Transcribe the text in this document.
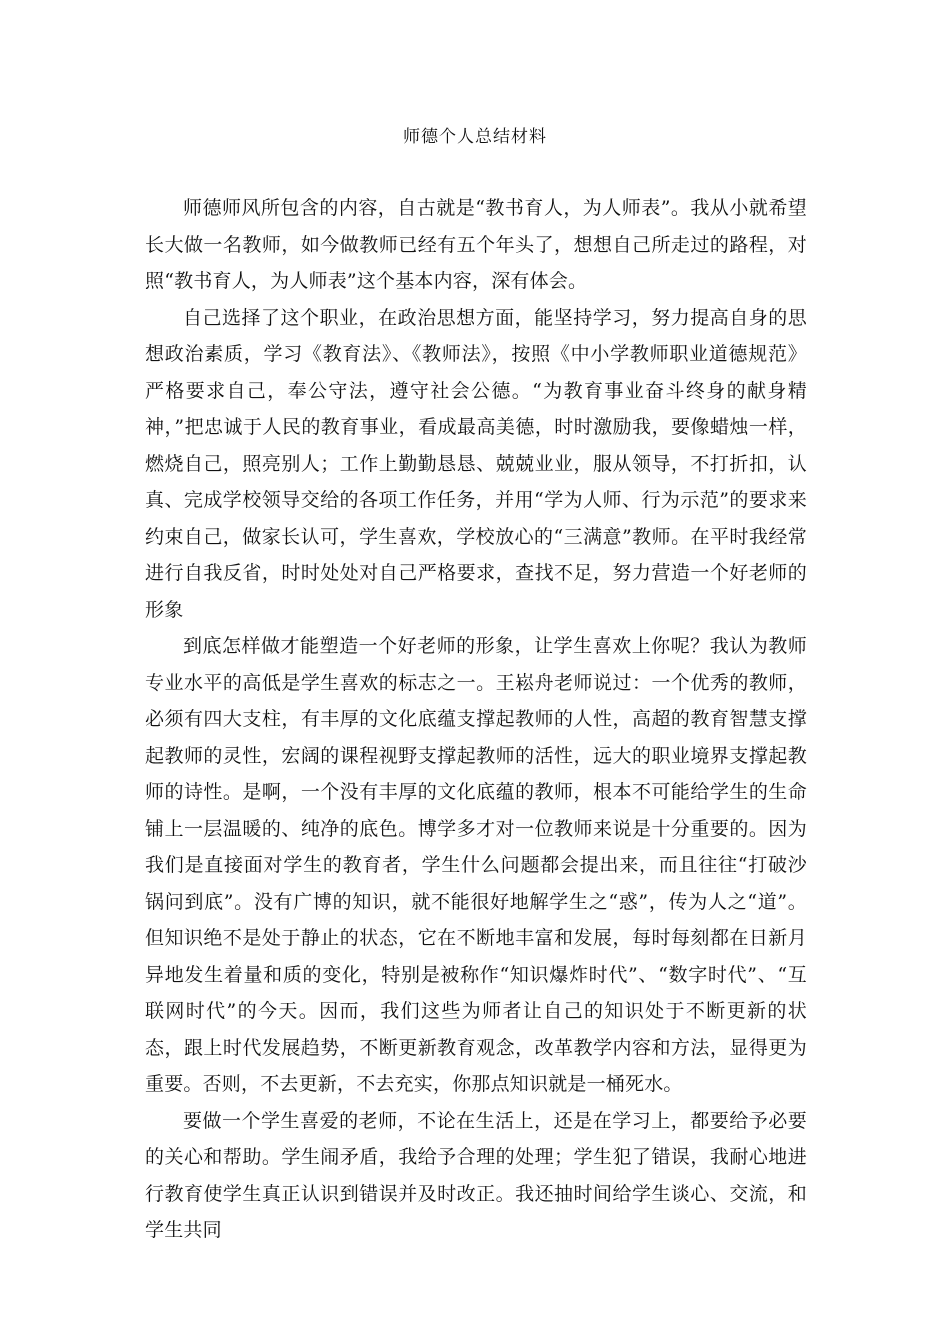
师德个人总结材料

师德师风所包含的内容，自古就是“教书育人，为人师表”。我从小就希望长大做一名教师，如今做教师已经有五个年头了，想想自己所走过的路程，对照“教书育人，为人师表”这个基本内容，深有体会。

自己选择了这个职业，在政治思想方面，能坚持学习，努力提高自身的思想政治素质，学习《教育法》、《教师法》，按照《中小学教师职业道德规范》严格要求自己，奉公守法，遵守社会公德。“为教育事业奋斗终身的献身精神，”把忠诚于人民的教育事业，看成最高美德，时时激励我，要像蜡烛一样，燃烧自己，照亮别人；工作上勤勤恳恳、兢兢业业，服从领导，不打折扣，认真、完成学校领导交给的各项工作任务，并用“学为人师、行为示范”的要求来约束自己，做家长认可，学生喜欢，学校放心的“三满意”教师。在平时我经常进行自我反省，时时处处对自己严格要求，查找不足，努力营造一个好老师的形象

到底怎样做才能塑造一个好老师的形象，让学生喜欢上你呢？我认为教师专业水平的高低是学生喜欢的标志之一。王崧舟老师说过：一个优秀的教师，必须有四大支柱，有丰厚的文化底蕴支撑起教师的人性，高超的教育智慧支撑起教师的灵性，宏阔的课程视野支撑起教师的活性，远大的职业境界支撑起教师的诗性。是啊，一个没有丰厚的文化底蕴的教师，根本不可能给学生的生命铺上一层温暖的、纯净的底色。博学多才对一位教师来说是十分重要的。因为我们是直接面对学生的教育者，学生什么问题都会提出来，而且往往“打破沙锅问到底”。没有广博的知识，就不能很好地解学生之“惑”，传为人之“道”。但知识绝不是处于静止的状态，它在不断地丰富和发展，每时每刻都在日新月异地发生着量和质的变化，特别是被称作“知识爆炸时代”、“数字时代”、“互联网时代”的今天。因而，我们这些为师者让自己的知识处于不断更新的状态，跟上时代发展趋势，不断更新教育观念，改革教学内容和方法，显得更为重要。否则，不去更新，不去充实，你那点知识就是一桶死水。

要做一个学生喜爱的老师，不论在生活上，还是在学习上，都要给予必要的关心和帮助。学生闹矛盾，我给予合理的处理；学生犯了错误，我耐心地进行教育使学生真正认识到错误并及时改正。我还抽时间给学生谈心、交流，和学生共同
